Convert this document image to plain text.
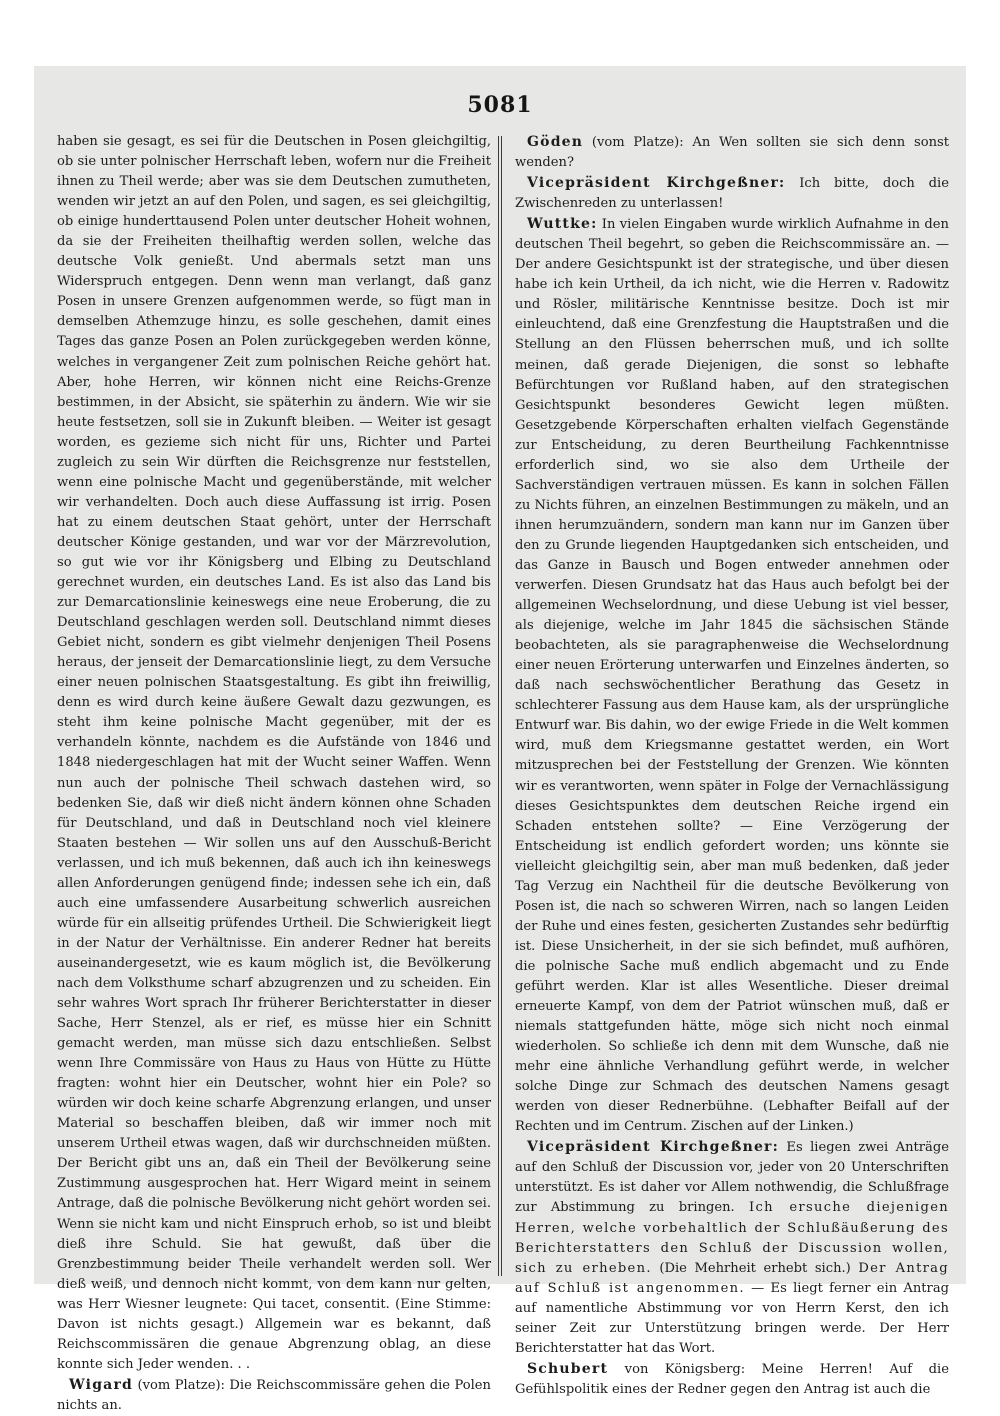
5081

haben sie gesagt, es sei für die Deutschen in Posen gleichgiltig, ob sie unter polnischer Herrschaft leben, wofern nur die Freiheit ihnen zu Theil werde; aber was sie dem Deutschen zumutheten, wenden wir jetzt an auf den Polen, und sagen, es sei gleichgiltig, ob einige hunderttausend Polen unter deutscher Hoheit wohnen, da sie der Freiheiten theilhaftig werden sollen, welche das deutsche Volk genießt. Und abermals setzt man uns Widerspruch entgegen. Denn wenn man verlangt, daß ganz Posen in unsere Grenzen aufgenommen werde, so fügt man in demselben Athemzuge hinzu, es solle geschehen, damit eines Tages das ganze Posen an Polen zurückgegeben werden könne, welches in vergangener Zeit zum polnischen Reiche gehört hat. Aber, hohe Herren, wir können nicht eine Reichs-Grenze bestimmen, in der Absicht, sie späterhin zu ändern. Wie wir sie heute festsetzen, soll sie in Zukunft bleiben. — Weiter ist gesagt worden, es gezieme sich nicht für uns, Richter und Partei zugleich zu sein Wir dürften die Reichsgrenze nur feststellen, wenn eine polnische Macht und gegenüberstände, mit welcher wir verhandelten. Doch auch diese Auffassung ist irrig. Posen hat zu einem deutschen Staat gehört, unter der Herrschaft deutscher Könige gestanden, und war vor der Märzrevolution, so gut wie vor ihr Königsberg und Elbing zu Deutschland gerechnet wurden, ein deutsches Land. Es ist also das Land bis zur Demarcationslinie keineswegs eine neue Eroberung, die zu Deutschland geschlagen werden soll. Deutschland nimmt dieses Gebiet nicht, sondern es gibt vielmehr denjenigen Theil Posens heraus, der jenseit der Demarcationslinie liegt, zu dem Versuche einer neuen polnischen Staatsgestaltung. Es gibt ihn freiwillig, denn es wird durch keine äußere Gewalt dazu gezwungen, es steht ihm keine polnische Macht gegenüber, mit der es verhandeln könnte, nachdem es die Aufstände von 1846 und 1848 niedergeschlagen hat mit der Wucht seiner Waffen. Wenn nun auch der polnische Theil schwach dastehen wird, so bedenken Sie, daß wir dieß nicht ändern können ohne Schaden für Deutschland, und daß in Deutschland noch viel kleinere Staaten bestehen — Wir sollen uns auf den Ausschuß-Bericht verlassen, und ich muß bekennen, daß auch ich ihn keineswegs allen Anforderungen genügend finde; indessen sehe ich ein, daß auch eine umfassendere Ausarbeitung schwerlich ausreichen würde für ein allseitig prüfendes Urtheil. Die Schwierigkeit liegt in der Natur der Verhältnisse. Ein anderer Redner hat bereits auseinandergesetzt, wie es kaum möglich ist, die Bevölkerung nach dem Volksthume scharf abzugrenzen und zu scheiden. Ein sehr wahres Wort sprach Ihr früherer Berichterstatter in dieser Sache, Herr Stenzel, als er rief, es müsse hier ein Schnitt gemacht werden, man müsse sich dazu entschließen. Selbst wenn Ihre Commissäre von Haus zu Haus von Hütte zu Hütte fragten: wohnt hier ein Deutscher, wohnt hier ein Pole? so würden wir doch keine scharfe Abgrenzung erlangen, und unser Material so beschaffen bleiben, daß wir immer noch mit unserem Urtheil etwas wagen, daß wir durchschneiden müßten. Der Bericht gibt uns an, daß ein Theil der Bevölkerung seine Zustimmung ausgesprochen hat. Herr Wigard meint in seinem Antrage, daß die polnische Bevölkerung nicht gehört worden sei. Wenn sie nicht kam und nicht Einspruch erhob, so ist und bleibt dieß ihre Schuld. Sie hat gewußt, daß über die Grenzbestimmung beider Theile verhandelt werden soll. Wer dieß weiß, und dennoch nicht kommt, von dem kann nur gelten, was Herr Wiesner leugnete: Qui tacet, consentit. (Eine Stimme: Davon ist nichts gesagt.) Allgemein war es bekannt, daß Reichscommissären die genaue Abgrenzung oblag, an diese konnte sich Jeder wenden. . .

Wigard (vom Platze): Die Reichscommissäre gehen die Polen nichts an.

Göden (vom Platze): An Wen sollten sie sich denn sonst wenden?

Vicepräsident Kirchgeßner: Ich bitte, doch die Zwischenreden zu unterlassen!

Wuttke: In vielen Eingaben wurde wirklich Aufnahme in den deutschen Theil begehrt, so geben die Reichscommissäre an. — Der andere Gesichtspunkt ist der strategische, und über diesen habe ich kein Urtheil, da ich nicht, wie die Herren v. Radowitz und Rösler, militärische Kenntnisse besitze. Doch ist mir einleuchtend, daß eine Grenzfestung die Hauptstraßen und die Stellung an den Flüssen beherrschen muß, und ich sollte meinen, daß gerade Diejenigen, die sonst so lebhafte Befürchtungen vor Rußland haben, auf den strategischen Gesichtspunkt besonderes Gewicht legen müßten. Gesetzgebende Körperschaften erhalten vielfach Gegenstände zur Entscheidung, zu deren Beurtheilung Fachkenntnisse erforderlich sind, wo sie also dem Urtheile der Sachverständigen vertrauen müssen. Es kann in solchen Fällen zu Nichts führen, an einzelnen Bestimmungen zu mäkeln, und an ihnen herumzuändern, sondern man kann nur im Ganzen über den zu Grunde liegenden Hauptgedanken sich entscheiden, und das Ganze in Bausch und Bogen entweder annehmen oder verwerfen. Diesen Grundsatz hat das Haus auch befolgt bei der allgemeinen Wechselordnung, und diese Uebung ist viel besser, als diejenige, welche im Jahr 1845 die sächsischen Stände beobachteten, als sie paragraphenweise die Wechselordnung einer neuen Erörterung unterwarfen und Einzelnes änderten, so daß nach sechswöchentlicher Berathung das Gesetz in schlechterer Fassung aus dem Hause kam, als der ursprüngliche Entwurf war. Bis dahin, wo der ewige Friede in die Welt kommen wird, muß dem Kriegsmanne gestattet werden, ein Wort mitzusprechen bei der Feststellung der Grenzen. Wie könnten wir es verantworten, wenn später in Folge der Vernachlässigung dieses Gesichtspunktes dem deutschen Reiche irgend ein Schaden entstehen sollte? — Eine Verzögerung der Entscheidung ist endlich gefordert worden; uns könnte sie vielleicht gleichgiltig sein, aber man muß bedenken, daß jeder Tag Verzug ein Nachtheil für die deutsche Bevölkerung von Posen ist, die nach so schweren Wirren, nach so langen Leiden der Ruhe und eines festen, gesicherten Zustandes sehr bedürftig ist. Diese Unsicherheit, in der sie sich befindet, muß aufhören, die polnische Sache muß endlich abgemacht und zu Ende geführt werden. Klar ist alles Wesentliche. Dieser dreimal erneuerte Kampf, von dem der Patriot wünschen muß, daß er niemals stattgefunden hätte, möge sich nicht noch einmal wiederholen. So schließe ich denn mit dem Wunsche, daß nie mehr eine ähnliche Verhandlung geführt werde, in welcher solche Dinge zur Schmach des deutschen Namens gesagt werden von dieser Rednerbühne. (Lebhafter Beifall auf der Rechten und im Centrum. Zischen auf der Linken.)

Vicepräsident Kirchgeßner: Es liegen zwei Anträge auf den Schluß der Discussion vor, jeder von 20 Unterschriften unterstützt. Es ist daher vor Allem nothwendig, die Schlußfrage zur Abstimmung zu bringen. Ich ersuche diejenigen Herren, welche vorbehaltlich der Schlußäußerung des Berichterstatters den Schluß der Discussion wollen, sich zu erheben. (Die Mehrheit erhebt sich.) Der Antrag auf Schluß ist angenommen. — Es liegt ferner ein Antrag auf namentliche Abstimmung vor von Herrn Kerst, den ich seiner Zeit zur Unterstützung bringen werde. Der Herr Berichterstatter hat das Wort.

Schubert von Königsberg: Meine Herren! Auf die Gefühlspolitik eines der Redner gegen den Antrag ist auch die
